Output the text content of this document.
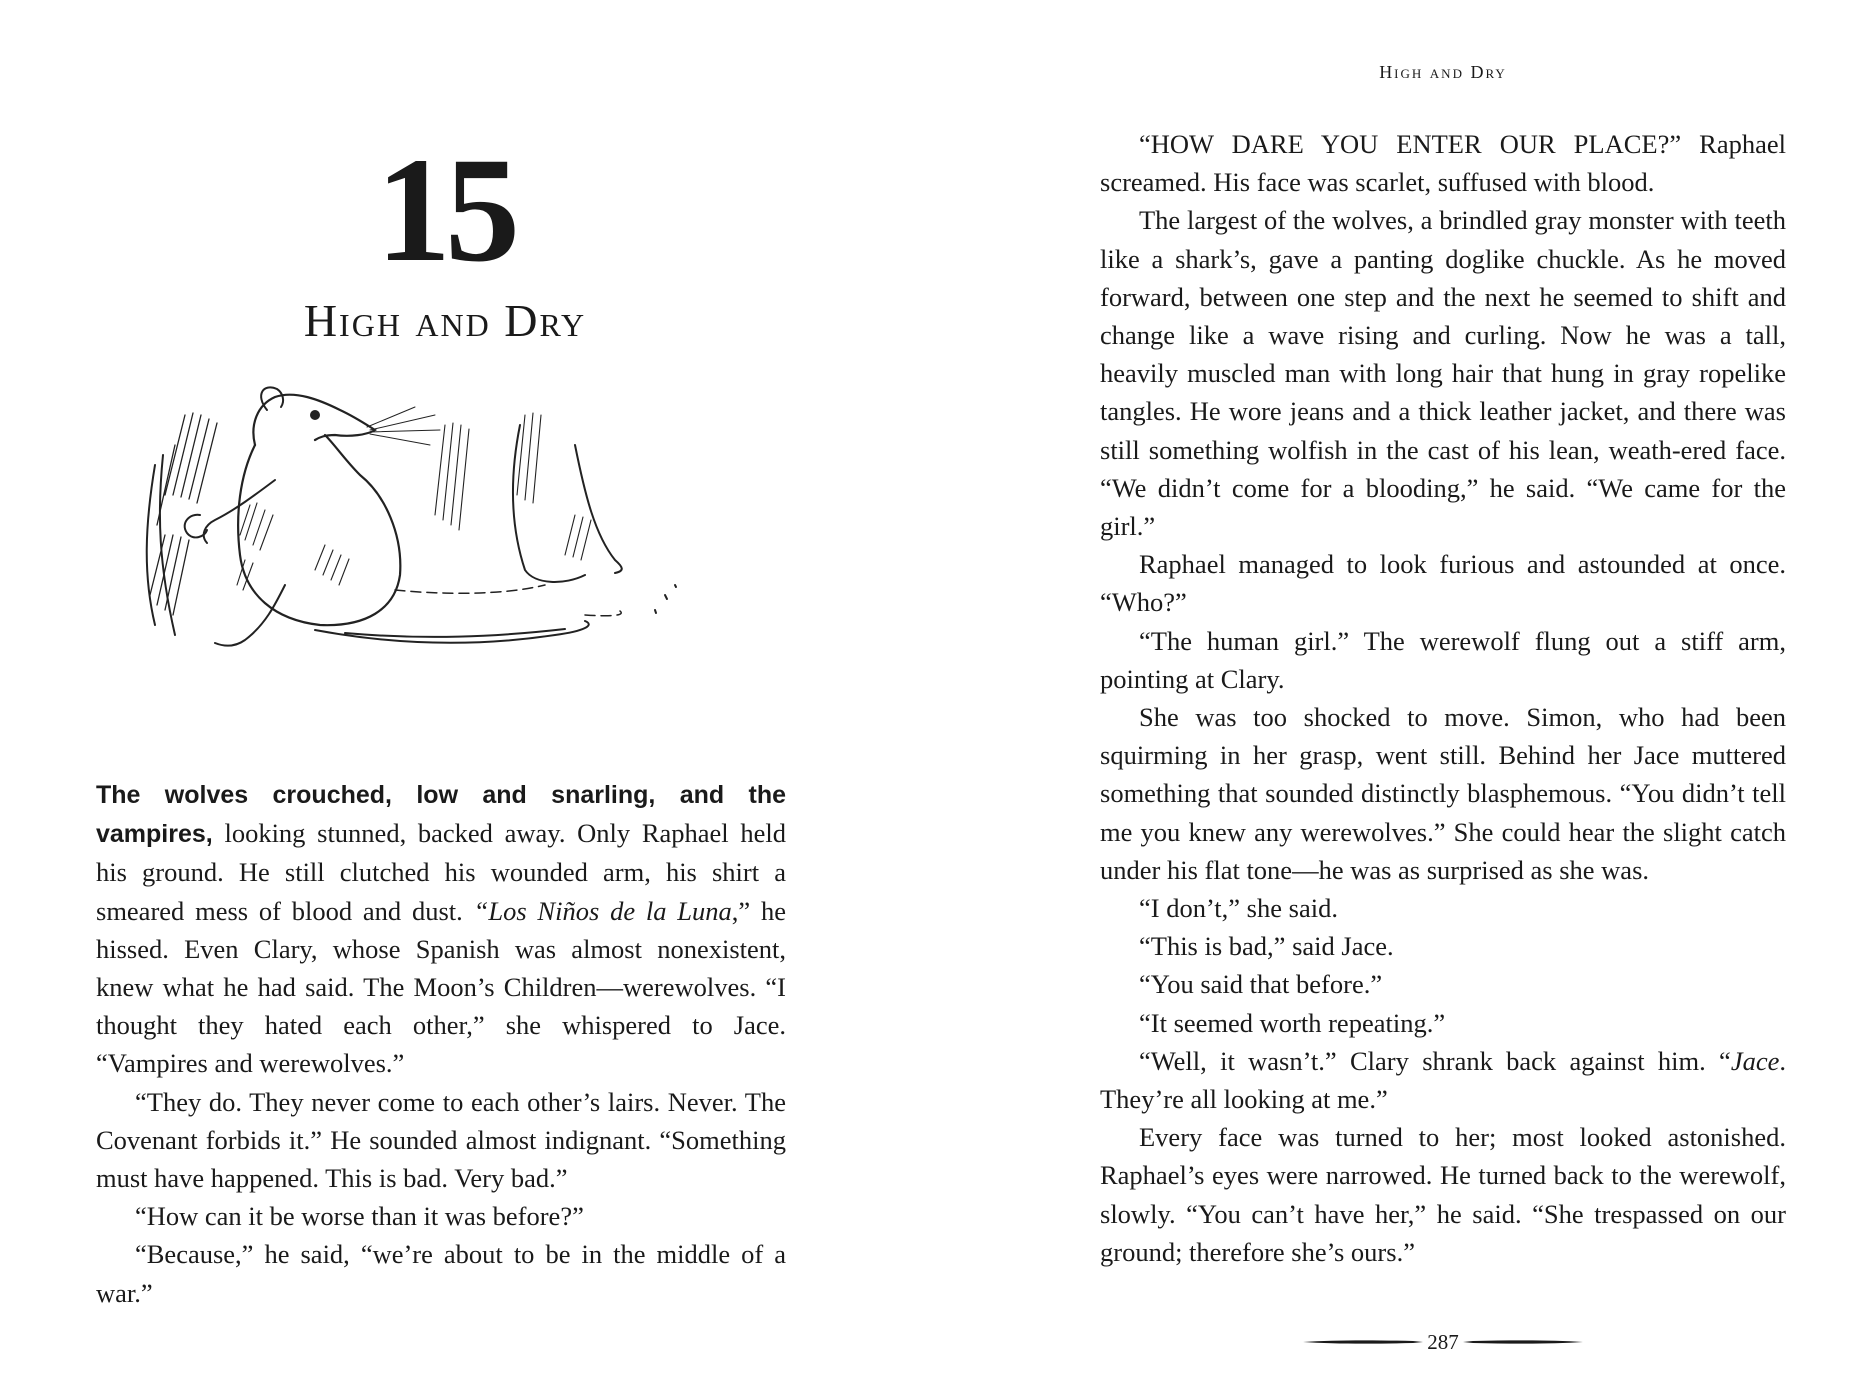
15
High and Dry

The wolves crouched, low and snarling, and the vampires, looking stunned, backed away. Only Raphael held his ground. He still clutched his wounded arm, his shirt a smeared mess of blood and dust. “Los Niños de la Luna,” he hissed. Even Clary, whose Spanish was almost nonexistent, knew what he had said. The Moon’s Children—werewolves. “I thought they hated each other,” she whispered to Jace. “Vampires and werewolves.”

“They do. They never come to each other’s lairs. Never. The Covenant forbids it.” He sounded almost indignant. “Something must have happened. This is bad. Very bad.”

“How can it be worse than it was before?”

“Because,” he said, “we’re about to be in the middle of a war.”

High and Dry

“HOW DARE YOU ENTER OUR PLACE?” Raphael screamed. His face was scarlet, suffused with blood.

The largest of the wolves, a brindled gray monster with teeth like a shark’s, gave a panting doglike chuckle. As he moved forward, between one step and the next he seemed to shift and change like a wave rising and curling. Now he was a tall, heavily muscled man with long hair that hung in gray ropelike tangles. He wore jeans and a thick leather jacket, and there was still something wolfish in the cast of his lean, weath-ered face. “We didn’t come for a blooding,” he said. “We came for the girl.”

Raphael managed to look furious and astounded at once. “Who?”

“The human girl.” The werewolf flung out a stiff arm, pointing at Clary.

She was too shocked to move. Simon, who had been squirming in her grasp, went still. Behind her Jace muttered something that sounded distinctly blasphemous. “You didn’t tell me you knew any werewolves.” She could hear the slight catch under his flat tone—he was as surprised as she was.

“I don’t,” she said.

“This is bad,” said Jace.

“You said that before.”

“It seemed worth repeating.”

“Well, it wasn’t.” Clary shrank back against him. “Jace. They’re all looking at me.”

Every face was turned to her; most looked astonished. Raphael’s eyes were narrowed. He turned back to the werewolf, slowly. “You can’t have her,” he said. “She trespassed on our ground; therefore she’s ours.”

287
